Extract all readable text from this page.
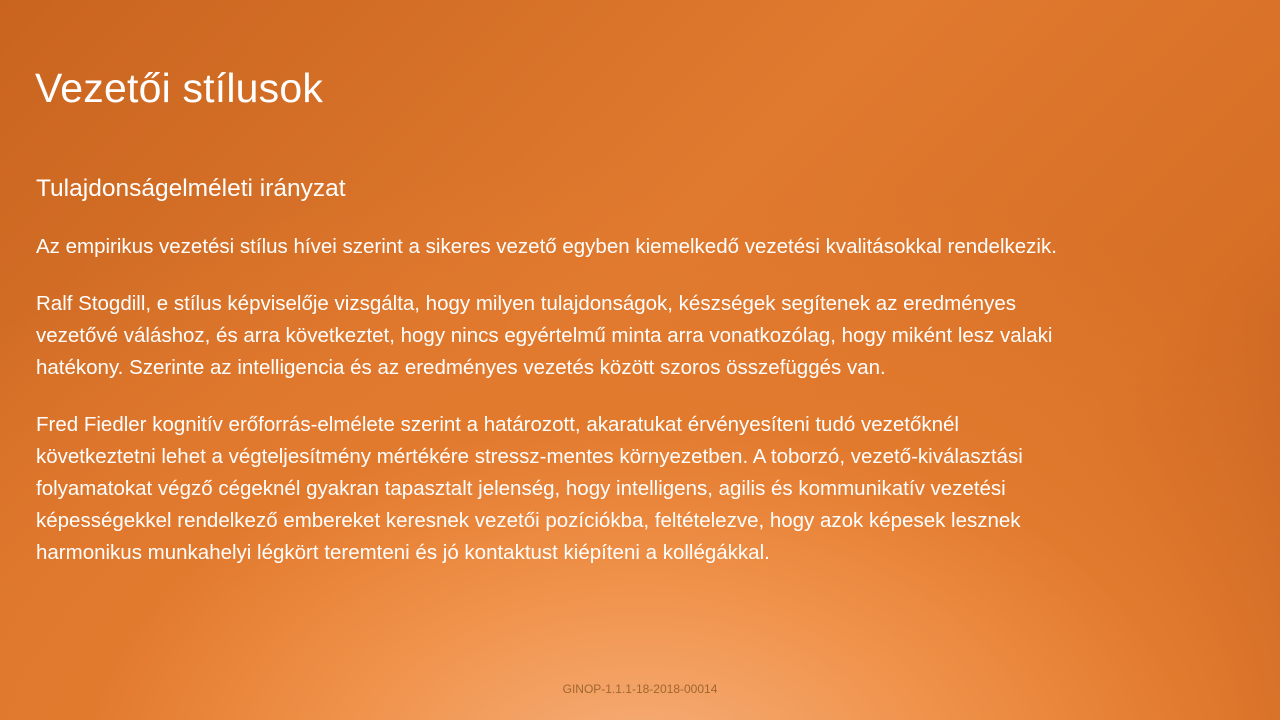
Vezetői stílusok
Tulajdonságelméleti irányzat

Az empirikus vezetési stílus hívei szerint a sikeres vezető egyben kiemelkedő vezetési kvalitásokkal rendelkezik.

Ralf Stogdill, e stílus képviselője vizsgálta, hogy milyen tulajdonságok, készségek segítenek az eredményes
vezetővé váláshoz, és arra következtet, hogy nincs egyértelmű minta arra vonatkozólag, hogy miként lesz valaki
hatékony. Szerinte az intelligencia és az eredményes vezetés között szoros összefüggés van.

Fred Fiedler kognitív erőforrás-elmélete szerint a határozott, akaratukat érvényesíteni tudó vezetőknél
következtetni lehet a végteljesítmény mértékére stressz-mentes környezetben. A toborzó, vezető-kiválasztási
folyamatokat végző cégeknél gyakran tapasztalt jelenség, hogy intelligens, agilis és kommunikatív vezetési
képességekkel rendelkező embereket keresnek vezetői pozíciókba, feltételezve, hogy azok képesek lesznek
harmonikus munkahelyi légkört teremteni és jó kontaktust kiépíteni a kollégákkal.

GINOP-1.1.1-18-2018-00014
